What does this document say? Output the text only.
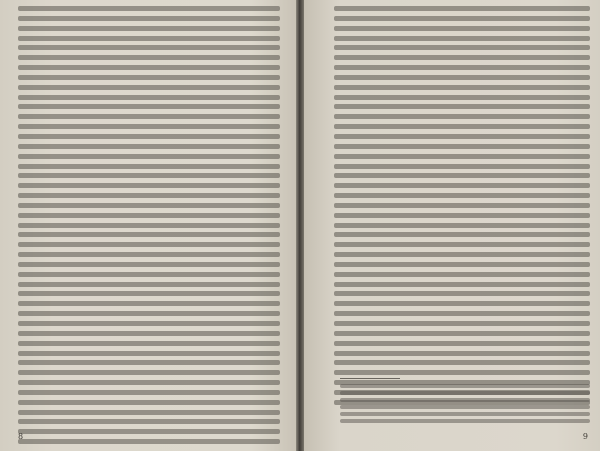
8	9
